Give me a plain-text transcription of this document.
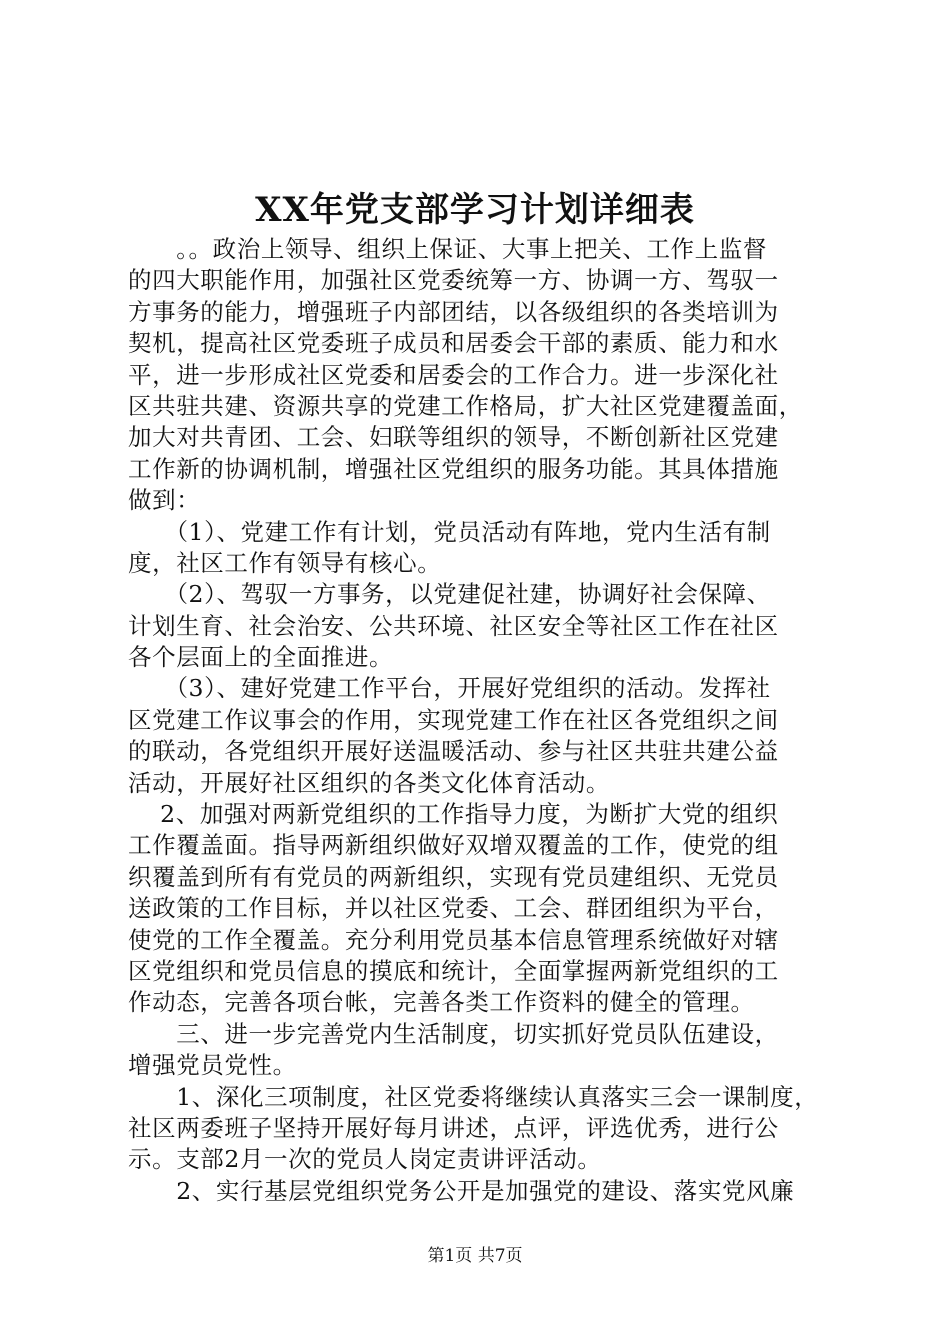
XX年党支部学习计划详细表
　　。。政治上领导、组织上保证、大事上把关、工作上监督
的四大职能作用，加强社区党委统筹一方、协调一方、驾驭一
方事务的能力，增强班子内部团结，以各级组织的各类培训为
契机，提高社区党委班子成员和居委会干部的素质、能力和水
平，进一步形成社区党委和居委会的工作合力。进一步深化社
区共驻共建、资源共享的党建工作格局，扩大社区党建覆盖面，
加大对共青团、工会、妇联等组织的领导，不断创新社区党建
工作新的协调机制，增强社区党组织的服务功能。其具体措施
做到：
　　（1）、党建工作有计划，党员活动有阵地，党内生活有制
度，社区工作有领导有核心。
　　（2）、驾驭一方事务，以党建促社建，协调好社会保障、
计划生育、社会治安、公共环境、社区安全等社区工作在社区
各个层面上的全面推进。
　　（3）、建好党建工作平台，开展好党组织的活动。发挥社
区党建工作议事会的作用，实现党建工作在社区各党组织之间
的联动，各党组织开展好送温暖活动、参与社区共驻共建公益
活动，开展好社区组织的各类文化体育活动。
　 2、加强对两新党组织的工作指导力度，为断扩大党的组织
工作覆盖面。指导两新组织做好双增双覆盖的工作，使党的组
织覆盖到所有有党员的两新组织，实现有党员建组织、无党员
送政策的工作目标，并以社区党委、工会、群团组织为平台，
使党的工作全覆盖。充分利用党员基本信息管理系统做好对辖
区党组织和党员信息的摸底和统计，全面掌握两新党组织的工
作动态，完善各项台帐，完善各类工作资料的健全的管理。
　　三、进一步完善党内生活制度，切实抓好党员队伍建设，
增强党员党性。
　　1、深化三项制度，社区党委将继续认真落实三会一课制度，
社区两委班子坚持开展好每月讲述，点评，评选优秀，进行公
示。支部2月一次的党员人岗定责讲评活动。
　　2、实行基层党组织党务公开是加强党的建设、落实党风廉
第1页 共7页
